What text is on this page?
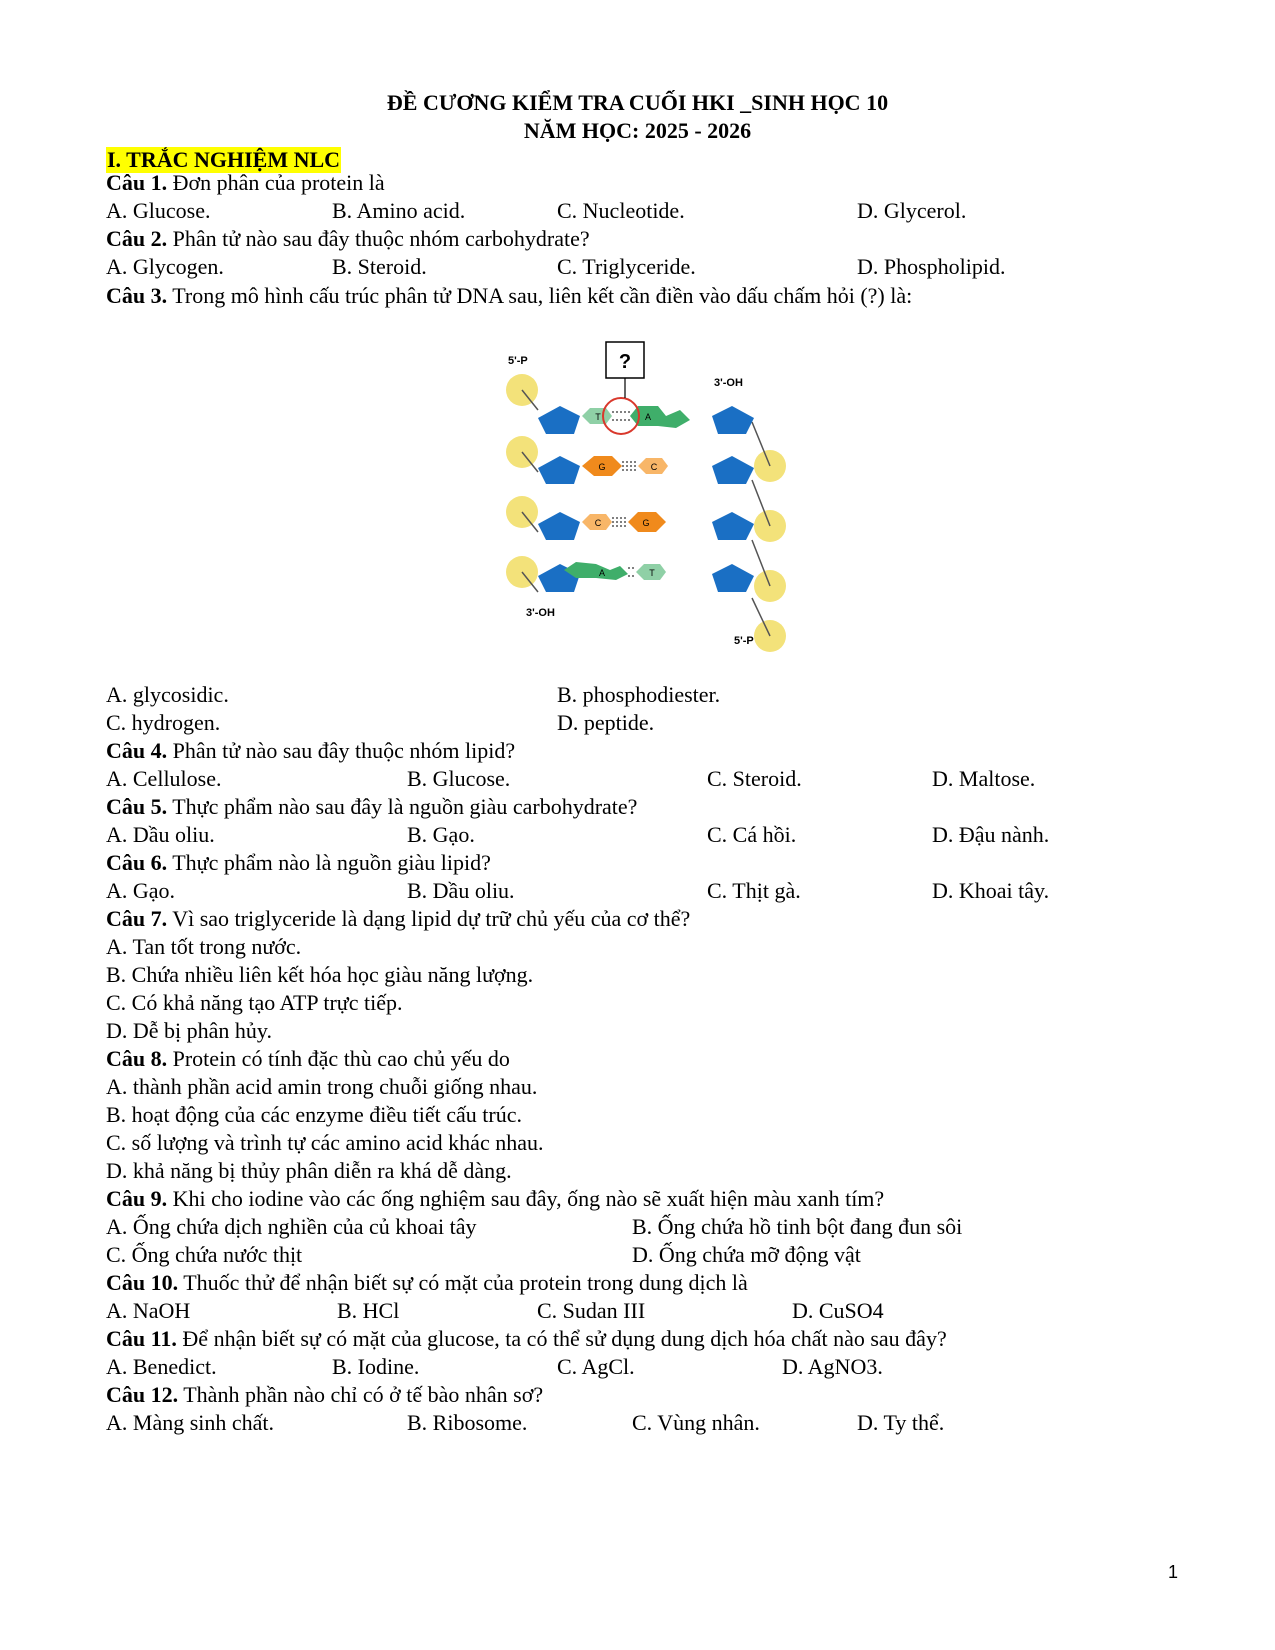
ĐỀ CƯƠNG KIỂM TRA CUỐI HKI _SINH HỌC 10
NĂM HỌC: 2025 - 2026
I. TRẮC NGHIỆM NLC
Câu 1. Đơn phân của protein là
A. Glucose.	B. Amino acid.	C. Nucleotide.	D. Glycerol.
Câu 2. Phân tử nào sau đây thuộc nhóm carbohydrate?
A. Glycogen.	B. Steroid.	C. Triglyceride.	D. Phospholipid.
Câu 3. Trong mô hình cấu trúc phân tử DNA sau, liên kết cần điền vào dấu chấm hỏi (?) là:
T	A
G	C
C	G
A	T
?
5'-P
3'-OH
3'-OH
5'-P
A. glycosidic.	B. phosphodiester.
C. hydrogen.	D. peptide.
Câu 4. Phân tử nào sau đây thuộc nhóm lipid?
A. Cellulose.	B. Glucose.	C. Steroid.	D. Maltose.
Câu 5. Thực phẩm nào sau đây là nguồn giàu carbohydrate?
A. Dầu oliu.	B. Gạo.	C. Cá hồi.	D. Đậu nành.
Câu 6. Thực phẩm nào là nguồn giàu lipid?
A. Gạo.	B. Dầu oliu.	C. Thịt gà.	D. Khoai tây.
Câu 7. Vì sao triglyceride là dạng lipid dự trữ chủ yếu của cơ thể?
A. Tan tốt trong nước.
B. Chứa nhiều liên kết hóa học giàu năng lượng.
C. Có khả năng tạo ATP trực tiếp.
D. Dễ bị phân hủy.
Câu 8. Protein có tính đặc thù cao chủ yếu do
A. thành phần acid amin trong chuỗi giống nhau.
B. hoạt động của các enzyme điều tiết cấu trúc.
C. số lượng và trình tự các amino acid khác nhau.
D. khả năng bị thủy phân diễn ra khá dễ dàng.
Câu 9. Khi cho iodine vào các ống nghiệm sau đây, ống nào sẽ xuất hiện màu xanh tím?
A. Ống chứa dịch nghiền của củ khoai tây	B. Ống chứa hồ tinh bột đang đun sôi
C. Ống chứa nước thịt	D. Ống chứa mỡ động vật
Câu 10. Thuốc thử để nhận biết sự có mặt của protein trong dung dịch là
A. NaOH	B. HCl	C. Sudan III	D. CuSO4
Câu 11. Để nhận biết sự có mặt của glucose, ta có thể sử dụng dung dịch hóa chất nào sau đây?
A. Benedict.	B. Iodine.	C. AgCl.	D. AgNO3.
Câu 12. Thành phần nào chỉ có ở tế bào nhân sơ?
A. Màng sinh chất.	B. Ribosome.	C. Vùng nhân.	D. Ty thể.
1
